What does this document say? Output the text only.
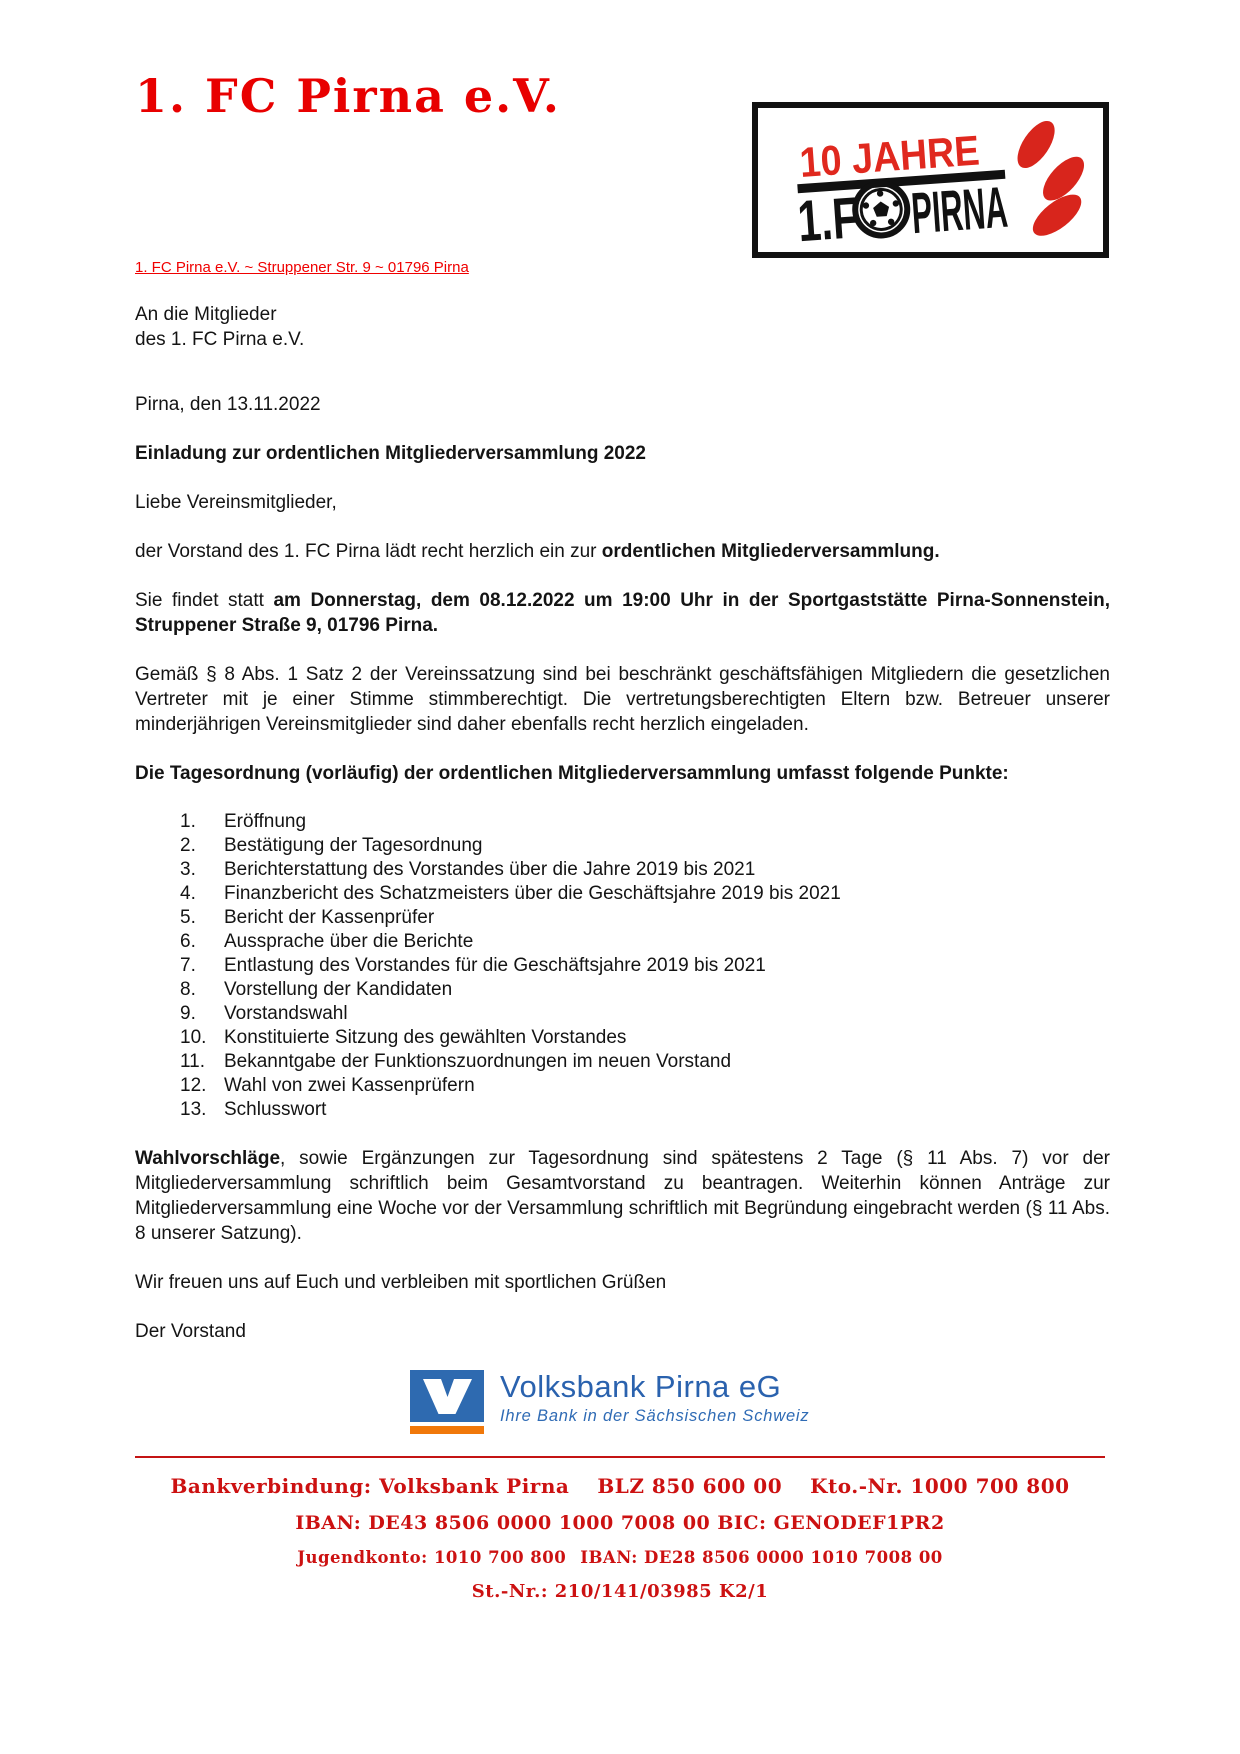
1. FC Pirna e.V.
10 JAHRE
1.F PIRNA
1. FC Pirna e.V. ~ Struppener Str. 9 ~ 01796 Pirna
An die Mitglieder
des 1. FC Pirna e.V.
Pirna, den 13.11.2022
Einladung zur ordentlichen Mitgliederversammlung 2022
Liebe Vereinsmitglieder,
der Vorstand des 1. FC Pirna lädt recht herzlich ein zur ordentlichen Mitgliederversammlung.
Sie findet statt am Donnerstag, dem 08.12.2022 um 19:00 Uhr in der Sportgaststätte Pirna-Sonnenstein, Struppener Straße 9, 01796 Pirna.
Gemäß § 8 Abs. 1 Satz 2 der Vereinssatzung sind bei beschränkt geschäftsfähigen Mitgliedern die gesetzlichen Vertreter mit je einer Stimme stimmberechtigt. Die vertretungsberechtigten Eltern bzw. Betreuer unserer minderjährigen Vereinsmitglieder sind daher ebenfalls recht herzlich eingeladen.
Die Tagesordnung (vorläufig) der ordentlichen Mitgliederversammlung umfasst folgende Punkte:
Eröffnung
Bestätigung der Tagesordnung
Berichterstattung des Vorstandes über die Jahre 2019 bis 2021
Finanzbericht des Schatzmeisters über die Geschäftsjahre 2019 bis 2021
Bericht der Kassenprüfer
Aussprache über die Berichte
Entlastung des Vorstandes für die Geschäftsjahre 2019 bis 2021
Vorstellung der Kandidaten
Vorstandswahl
Konstituierte Sitzung des gewählten Vorstandes
Bekanntgabe der Funktionszuordnungen im neuen Vorstand
Wahl von zwei Kassenprüfern
Schlusswort
Wahlvorschläge, sowie Ergänzungen zur Tagesordnung sind spätestens 2 Tage (§ 11 Abs. 7) vor der Mitgliederversammlung schriftlich beim Gesamtvorstand zu beantragen. Weiterhin können Anträge zur Mitgliederversammlung eine Woche vor der Versammlung schriftlich mit Begründung eingebracht werden (§ 11 Abs. 8 unserer Satzung).
Wir freuen uns auf Euch und verbleiben mit sportlichen Grüßen
Der Vorstand
Volksbank Pirna eG
Ihre Bank in der Sächsischen Schweiz
Bankverbindung: Volksbank Pirna BLZ 850 600 00 Kto.-Nr. 1000 700 800
IBAN: DE43 8506 0000 1000 7008 00 BIC: GENODEF1PR2
Jugendkonto: 1010 700 800 IBAN: DE28 8506 0000 1010 7008 00
St.-Nr.: 210/141/03985 K2/1
